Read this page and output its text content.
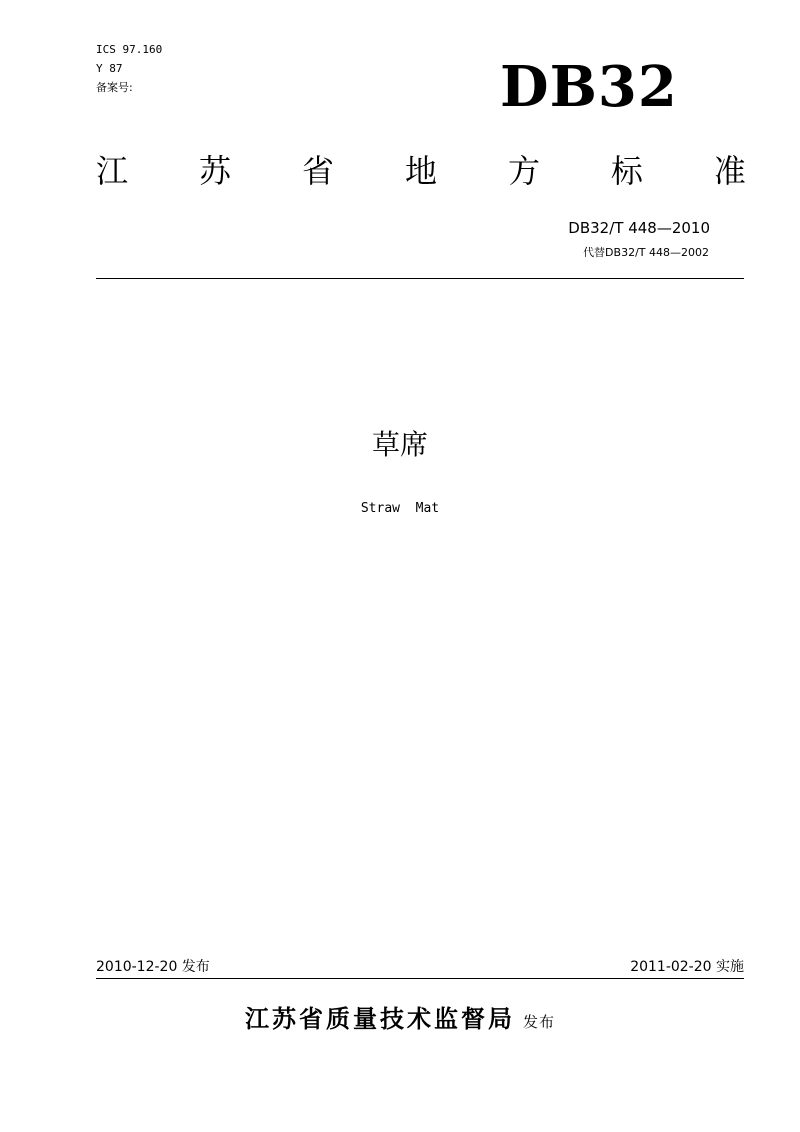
ICS 97.160
Y 87
备案号:	DB32
江 苏 省 地 方 标 准
DB32/T 448—2010
代替DB32/T 448—2002
草席
Straw  Mat
2010-12-20 发布	2011-02-20 实施
江苏省质量技术监督局 发布
